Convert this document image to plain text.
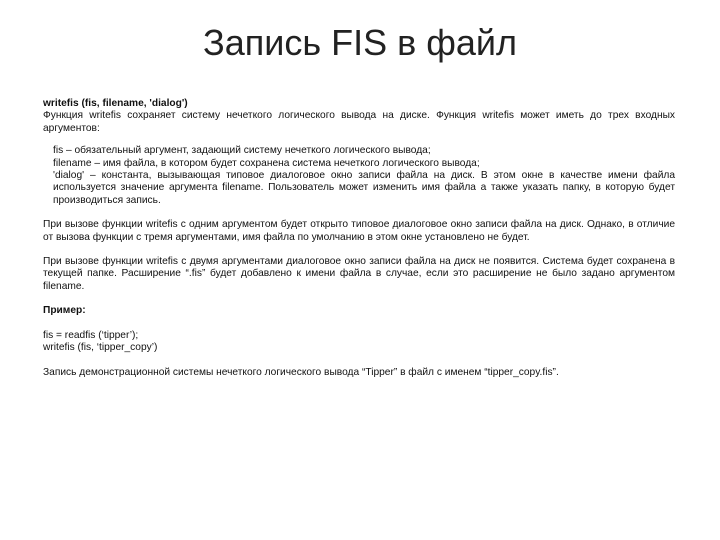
Запись FIS в файл

writefis (fis, filename, 'dialog')

Функция writefis сохраняет систему нечеткого логического вывода на диске. Функция writefis может иметь до трех входных аргументов:

fis – обязательный аргумент, задающий систему нечеткого логического вывода;

filename – имя файла, в котором будет сохранена система нечеткого логического вывода;

'dialog' – константа, вызывающая типовое диалоговое окно записи файла на диск. В этом окне в качестве имени файла используется значение аргумента filename. Пользователь может изменить имя файла а также указать папку, в которую будет производиться запись.

При вызове функции writefis с одним аргументом будет открыто типовое диалоговое окно записи файла на диск. Однако, в отличие от вызова функции с тремя аргументами, имя файла по умолчанию в этом окне установлено не будет.

При вызове функции writefis с двумя аргументами диалоговое окно записи файла на диск не появится. Система будет сохранена в текущей папке. Расширение “.fis” будет добавлено к имени файла в случае, если это расширение не было задано аргументом filename.

Пример:

fis = readfis (‘tipper’);

writefis (fis, ‘tipper_copy’)

Запись демонстрационной системы нечеткого логического вывода “Tipper” в файл с именем “tipper_copy.fis”.
